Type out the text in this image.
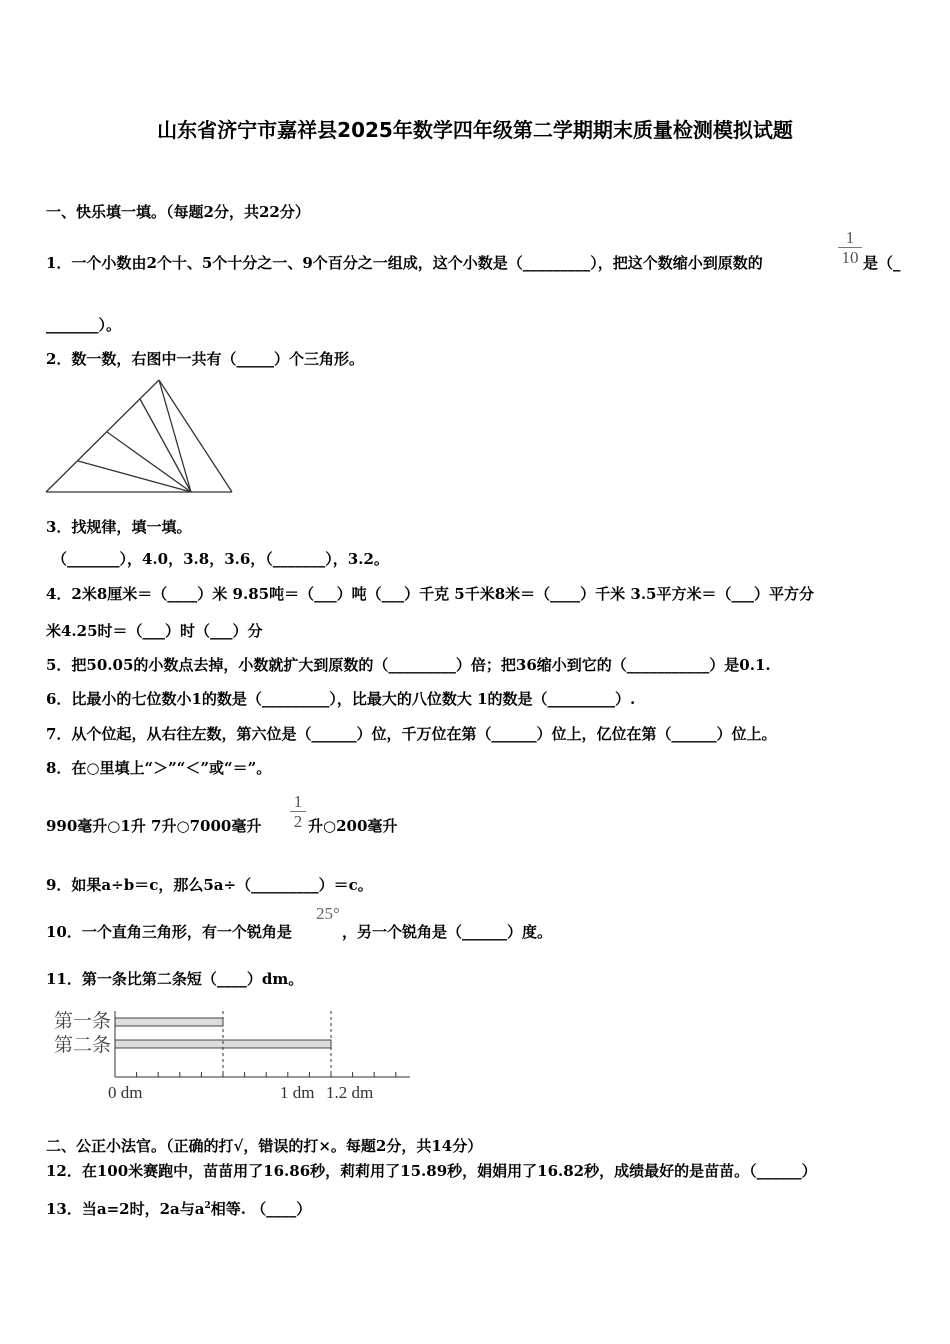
山东省济宁市嘉祥县2025年数学四年级第二学期期末质量检测模拟试题
一、快乐填一填。（每题2分，共22分）
1．一个小数由2个十、5个十分之一、9个百分之一组成，这个小数是（_________），把这个数缩小到原数的	$\frac{1}{10}$ 是（_
_______）。
2．数一数，右图中一共有（_____）个三角形。
3．找规律，填一填。
（_______），4.0，3.8，3.6，（_______），3.2。
4．2米8厘米＝（____）米 9.85吨＝（___）吨（___）千克 5千米8米＝（____）千米 3.5平方米＝（___）平方分
米4.25时＝（___）时（___）分
5．把50.05的小数点去掉，小数就扩大到原数的（_________）倍；把36缩小到它的（___________）是0.1.
6．比最小的七位数小1的数是（_________），比最大的八位数大 1的数是（_________）.
7．从个位起，从右往左数，第六位是（______）位，千万位在第（______）位上，亿位在第（______）位上。
8．在○里填上“＞”“＜”或“＝”。
990毫升○1升 7升○7000毫升 $\frac{1}{2}$ 升○200毫升
9．如果a÷b＝c，那么5a÷（_________）＝c。
10．一个直角三角形，有一个锐角是
25°
，另一个锐角是（______）度。
11．第一条比第二条短（____）dm。
第一条
第二条
0 dm	1 dm 1.2 dm
二、公正小法官。（正确的打√，错误的打×。每题2分，共14分）
12．在100米赛跑中，苗苗用了16.86秒，莉莉用了15.89秒，娟娟用了16.82秒，成绩最好的是苗苗。（______）
13．当a=2时，2a与$a^2$相等. （____）
